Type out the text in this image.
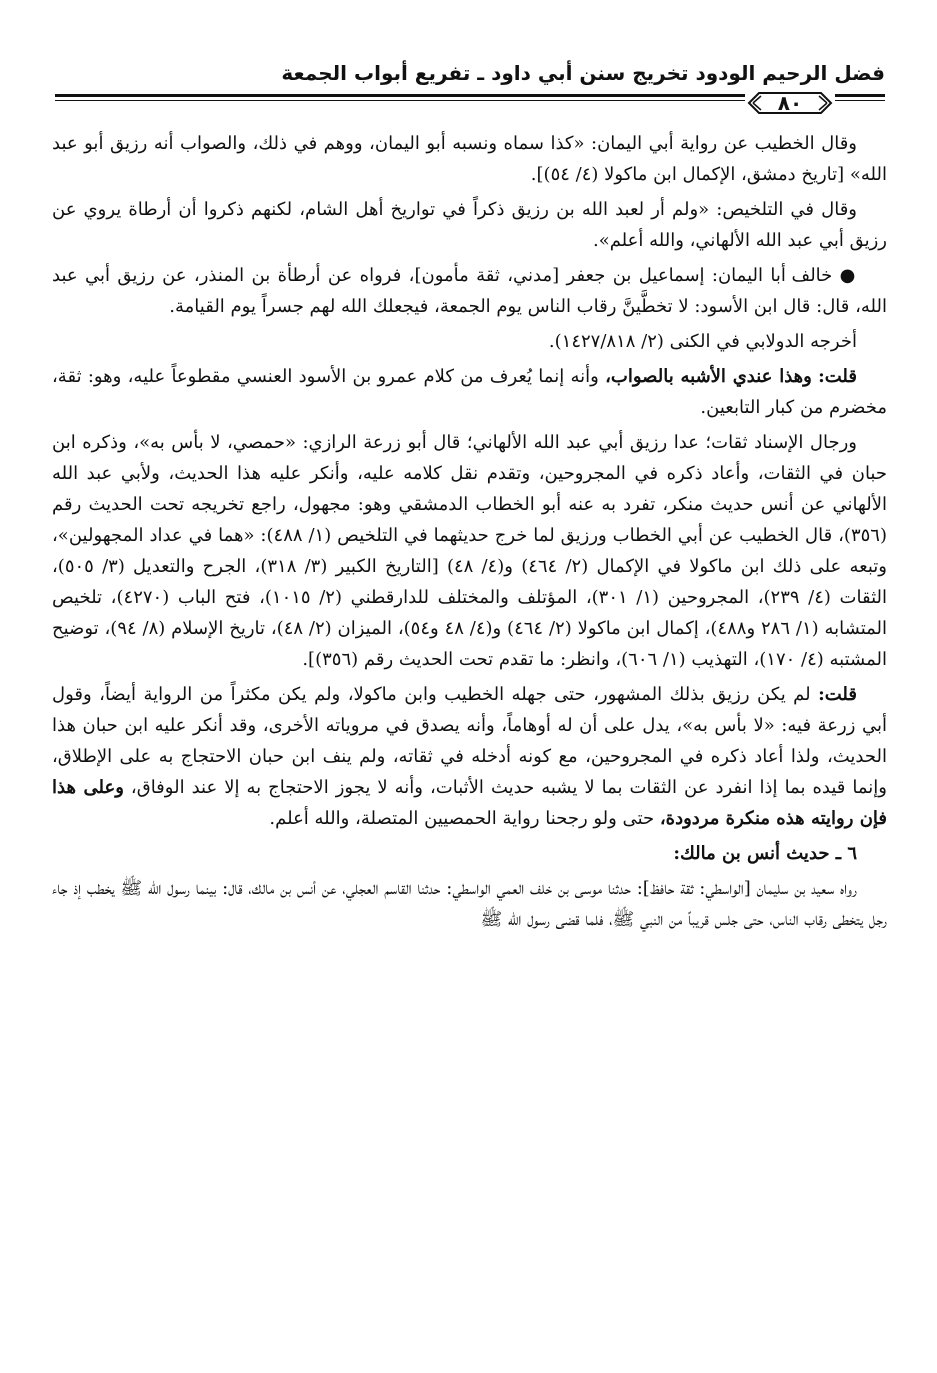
فضل الرحيم الودود تخريج سنن أبي داود ـ تفريع أبواب الجمعة
٨٠

وقال الخطيب عن رواية أبي اليمان: «كذا سماه ونسبه أبو اليمان، ووهم في ذلك، والصواب أنه رزيق أبو عبد الله» [تاريخ دمشق، الإكمال ابن ماكولا (٤/ ٥٤)].

وقال في التلخيص: «ولم أر لعبد الله بن رزيق ذكراً في تواريخ أهل الشام، لكنهم ذكروا أن أرطاة يروي عن رزيق أبي عبد الله الألهاني، والله أعلم».

● خالف أبا اليمان: إسماعيل بن جعفر [مدني، ثقة مأمون]، فرواه عن أرطأة بن المنذر، عن رزيق أبي عبد الله، قال: قال ابن الأسود: لا تخطَّينَّ رقاب الناس يوم الجمعة، فيجعلك الله لهم جسراً يوم القيامة.

أخرجه الدولابي في الكنى (٢/ ١٤٢٧/٨١٨).

قلت: وهذا عندي الأشبه بالصواب، وأنه إنما يُعرف من كلام عمرو بن الأسود العنسي مقطوعاً عليه، وهو: ثقة، مخضرم من كبار التابعين.

ورجال الإسناد ثقات؛ عدا رزيق أبي عبد الله الألهاني؛ قال أبو زرعة الرازي: «حمصي، لا بأس به»، وذكره ابن حبان في الثقات، وأعاد ذكره في المجروحين، وتقدم نقل كلامه عليه، وأنكر عليه هذا الحديث، ولأبي عبد الله الألهاني عن أنس حديث منكر، تفرد به عنه أبو الخطاب الدمشقي وهو: مجهول، راجع تخريجه تحت الحديث رقم (٣٥٦)، قال الخطيب عن أبي الخطاب ورزيق لما خرج حديثهما في التلخيص (١/ ٤٨٨): «هما في عداد المجهولين»، وتبعه على ذلك ابن ماكولا في الإكمال (٢/ ٤٦٤) و(٤/ ٤٨) [التاريخ الكبير (٣/ ٣١٨)، الجرح والتعديل (٣/ ٥٠٥)، الثقات (٤/ ٢٣٩)، المجروحين (١/ ٣٠١)، المؤتلف والمختلف للدارقطني (٢/ ١٠١٥)، فتح الباب (٤٢٧٠)، تلخيص المتشابه (١/ ٢٨٦ و٤٨٨)، إكمال ابن ماكولا (٢/ ٤٦٤) و(٤/ ٤٨ و٥٤)، الميزان (٢/ ٤٨)، تاريخ الإسلام (٨/ ٩٤)، توضيح المشتبه (٤/ ١٧٠)، التهذيب (١/ ٦٠٦)، وانظر: ما تقدم تحت الحديث رقم (٣٥٦)].

قلت: لم يكن رزيق بذلك المشهور، حتى جهله الخطيب وابن ماكولا، ولم يكن مكثراً من الرواية أيضاً، وقول أبي زرعة فيه: «لا بأس به»، يدل على أن له أوهاماً، وأنه يصدق في مروياته الأخرى، وقد أنكر عليه ابن حبان هذا الحديث، ولذا أعاد ذكره في المجروحين، مع كونه أدخله في ثقاته، ولم ينف ابن حبان الاحتجاج به على الإطلاق، وإنما قيده بما إذا انفرد عن الثقات بما لا يشبه حديث الأثبات، وأنه لا يجوز الاحتجاج به إلا عند الوفاق، وعلى هذا فإن روايته هذه منكرة مردودة، حتى ولو رجحنا رواية الحمصيين المتصلة، والله أعلم.

٦ ـ حديث أنس بن مالك:

رواه سعيد بن سليمان [الواسطي: ثقة حافظ]: حدثنا موسى بن خلف العمي الواسطي: حدثنا القاسم العجلي، عن أنس بن مالك، قال: بينما رسول الله ﷺ يخطب إذ جاء رجل يتخطى رقاب الناس، حتى جلس قريباً من النبي ﷺ، فلما قضى رسول الله ﷺ
